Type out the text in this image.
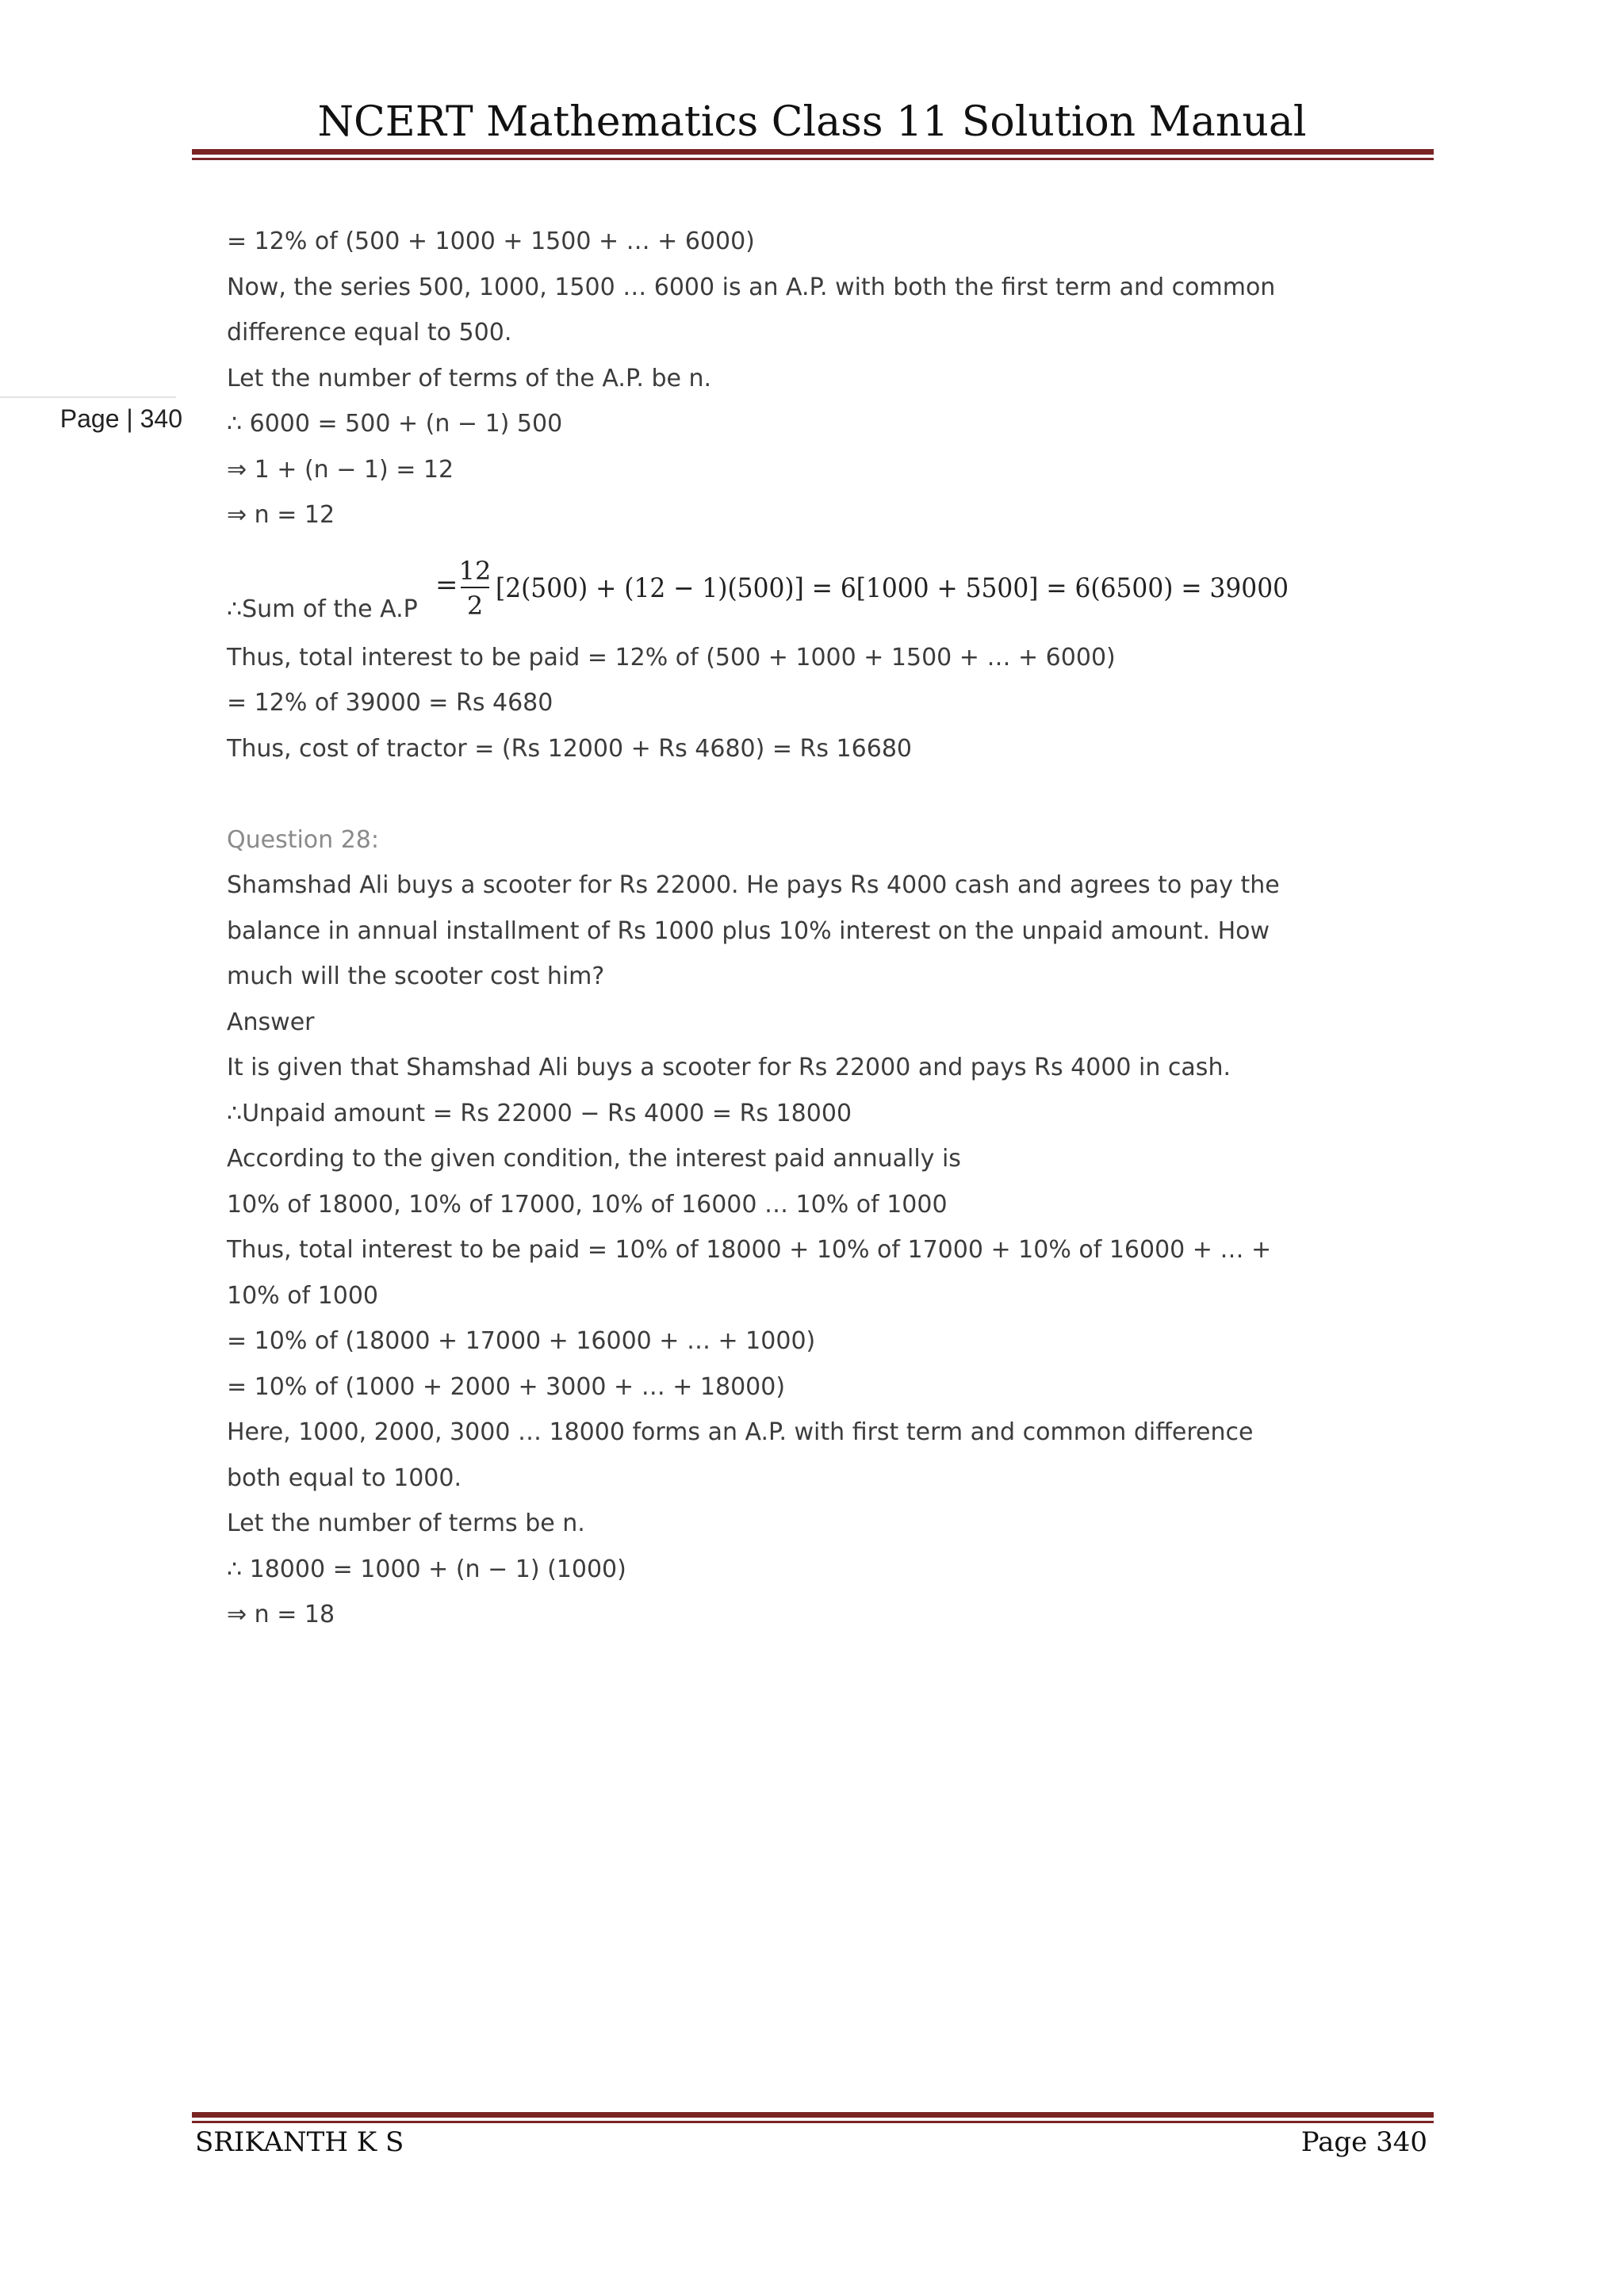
NCERT Mathematics Class 11 Solution Manual
Page | 340
= 12% of (500 + 1000 + 1500 + … + 6000)
Now, the series 500, 1000, 1500 … 6000 is an A.P. with both the first term and common
difference equal to 500.
Let the number of terms of the A.P. be n.
∴ 6000 = 500 + (n − 1) 500
⇒ 1 + (n − 1) = 12
⇒ n = 12
∴Sum of the A.P
= 12
2
[2(500) + (12 − 1)(500)] = 6[1000 + 5500] = 6(6500) = 39000
Thus, total interest to be paid = 12% of (500 + 1000 + 1500 + … + 6000)
= 12% of 39000 = Rs 4680
Thus, cost of tractor = (Rs 12000 + Rs 4680) = Rs 16680
Question 28:
Shamshad Ali buys a scooter for Rs 22000. He pays Rs 4000 cash and agrees to pay the
balance in annual installment of Rs 1000 plus 10% interest on the unpaid amount. How
much will the scooter cost him?
Answer
It is given that Shamshad Ali buys a scooter for Rs 22000 and pays Rs 4000 in cash.
∴Unpaid amount = Rs 22000 − Rs 4000 = Rs 18000
According to the given condition, the interest paid annually is
10% of 18000, 10% of 17000, 10% of 16000 … 10% of 1000
Thus, total interest to be paid = 10% of 18000 + 10% of 17000 + 10% of 16000 + … +
10% of 1000
= 10% of (18000 + 17000 + 16000 + … + 1000)
= 10% of (1000 + 2000 + 3000 + … + 18000)
Here, 1000, 2000, 3000 … 18000 forms an A.P. with first term and common difference
both equal to 1000.
Let the number of terms be n.
∴ 18000 = 1000 + (n − 1) (1000)
⇒ n = 18
SRIKANTH K S	Page 340
